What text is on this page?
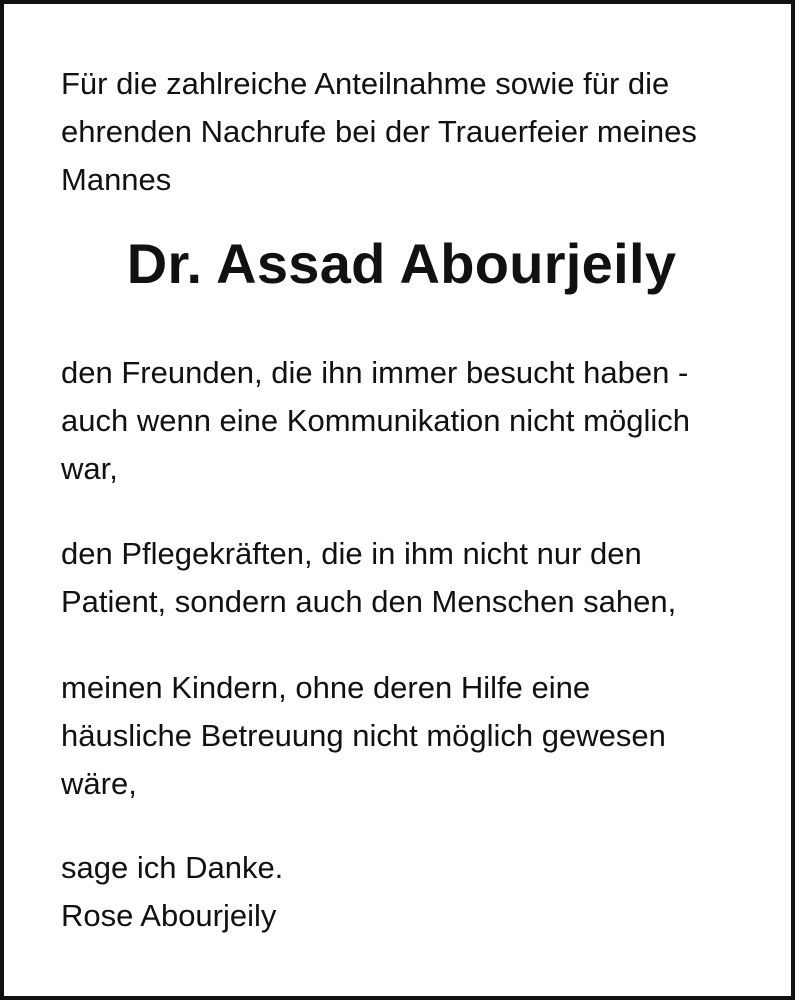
Für die zahlreiche Anteilnahme sowie für die
ehrenden Nachrufe bei der Trauerfeier meines
Mannes

Dr. Assad Abourjeily

den Freunden, die ihn immer besucht haben -
auch wenn eine Kommunikation nicht möglich
war,

den Pflegekräften, die in ihm nicht nur den
Patient, sondern auch den Menschen sahen,

meinen Kindern, ohne deren Hilfe eine
häusliche Betreuung nicht möglich gewesen
wäre,

sage ich Danke.
Rose Abourjeily
